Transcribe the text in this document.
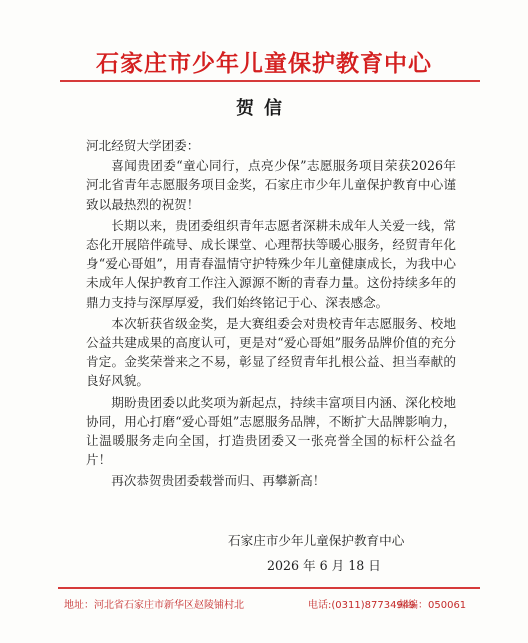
石家庄市少年儿童保护教育中心
贺信

河北经贸大学团委：

喜闻贵团委“童心同行，点亮少保”志愿服务项目荣获2026年河北省青年志愿服务项目金奖，石家庄市少年儿童保护教育中心谨致以最热烈的祝贺！

长期以来，贵团委组织青年志愿者深耕未成年人关爱一线，常态化开展陪伴疏导、成长课堂、心理帮扶等暖心服务，经贸青年化身“爱心哥姐”，用青春温情守护特殊少年儿童健康成长，为我中心未成年人保护教育工作注入源源不断的青春力量。这份持续多年的鼎力支持与深厚厚爱，我们始终铭记于心、深表感念。

本次斩获省级金奖，是大赛组委会对贵校青年志愿服务、校地公益共建成果的高度认可，更是对“爱心哥姐”服务品牌价值的充分肯定。金奖荣誉来之不易，彰显了经贸青年扎根公益、担当奉献的良好风貌。

期盼贵团委以此奖项为新起点，持续丰富项目内涵、深化校地协同，用心打磨“爱心哥姐”志愿服务品牌，不断扩大品牌影响力，让温暖服务走向全国，打造贵团委又一张亮誉全国的标杆公益名片！

再次恭贺贵团委载誉而归、再攀新高！

石家庄市少年儿童保护教育中心
2026 年 6 月 18 日
地址：河北省石家庄市新华区赵陵铺村北	电话:(0311)87734949
邮编：050061
